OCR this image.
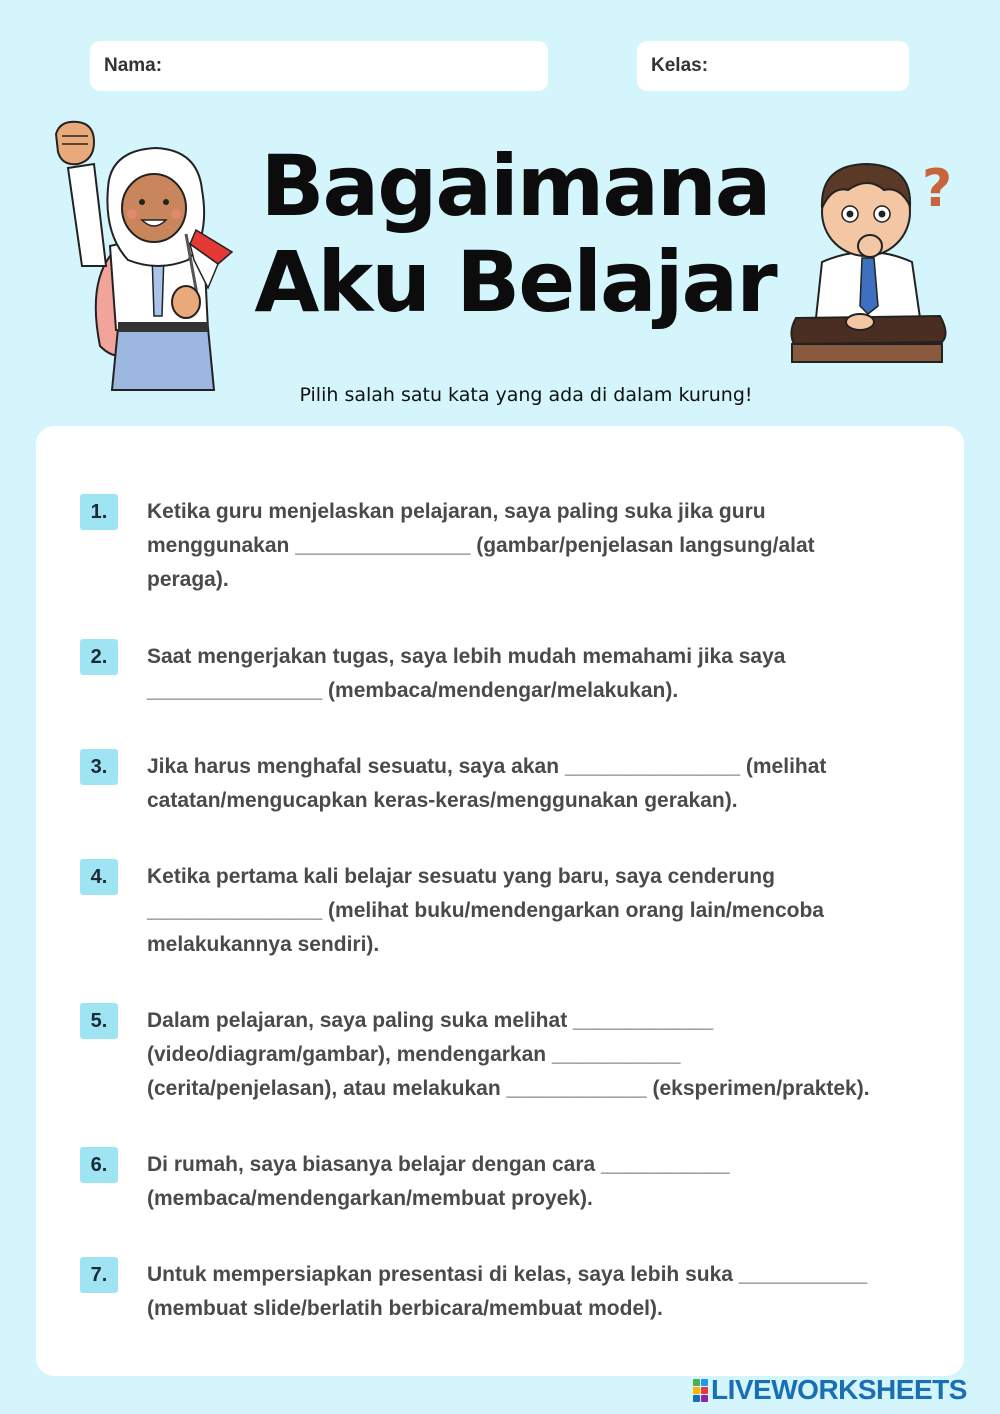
Nama:	Kelas:
Bagaimana
Aku Belajar
?
Pilih salah satu kata yang ada di dalam kurung!
1.	Ketika guru menjelaskan pelajaran, saya paling suka jika guru menggunakan _______________ (gambar/penjelasan langsung/alat peraga).
2.	Saat mengerjakan tugas, saya lebih mudah memahami jika saya _______________ (membaca/mendengar/melakukan).
3.	Jika harus menghafal sesuatu, saya akan _______________ (melihat catatan/mengucapkan keras-keras/menggunakan gerakan).
4.	Ketika pertama kali belajar sesuatu yang baru, saya cenderung _______________ (melihat buku/mendengarkan orang lain/mencoba melakukannya sendiri).
5.	Dalam pelajaran, saya paling suka melihat ____________ (video/diagram/gambar), mendengarkan ___________ (cerita/penjelasan), atau melakukan ____________ (eksperimen/praktek).
6.	Di rumah, saya biasanya belajar dengan cara ___________ (membaca/mendengarkan/membuat proyek).
7.	Untuk mempersiapkan presentasi di kelas, saya lebih suka ___________ (membuat slide/berlatih berbicara/membuat model).
LIVEWORKSHEETS
